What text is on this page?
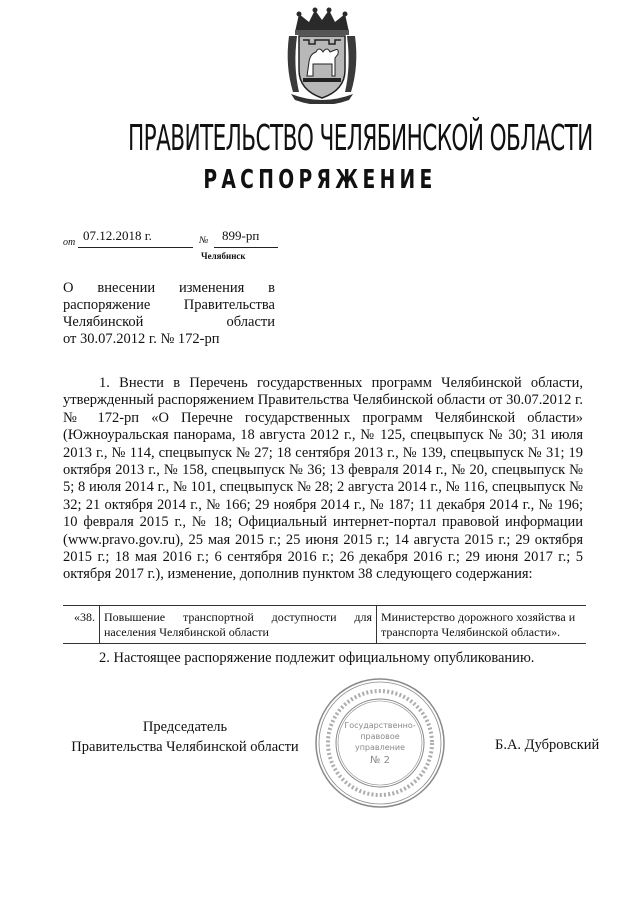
ПРАВИТЕЛЬСТВО ЧЕЛЯБИНСКОЙ ОБЛАСТИ
РАСПОРЯЖЕНИЕ
от 07.12.2018 г.	№ 899-рп
Челябинск

О внесении изменения в

распоряжение Правительства

Челябинской области

от 30.07.2012 г. № 172-рп

1. Внести в Перечень государственных программ Челябинской области, утвержденный распоряжением Правительства Челябинской области от 30.07.2012 г. № 172-рп «О Перечне государственных программ Челябинской области» (Южноуральская панорама, 18 августа 2012 г., № 125, спецвыпуск № 30; 31 июля 2013 г., № 114, спецвыпуск № 27; 18 сентября 2013 г., № 139, спецвыпуск № 31; 19 октября 2013 г., № 158, спецвыпуск № 36; 13 февраля 2014 г., № 20, спецвыпуск № 5; 8 июля 2014 г., № 101, спецвыпуск № 28; 2 августа 2014 г., № 116, спецвыпуск № 32; 21 октября 2014 г., № 166; 29 ноября 2014 г., № 187; 11 декабря 2014 г., № 196; 10 февраля 2015 г., № 18; Официальный интернет-портал правовой информации (www.pravo.gov.ru), 25 мая 2015 г.; 25 июня 2015 г.; 14 августа 2015 г.; 29 октября 2015 г.; 18 мая 2016 г.; 6 сентября 2016 г.; 26 декабря 2016 г.; 29 июня 2017 г.; 5 октября 2017 г.), изменение, дополнив пунктом 38 следующего содержания:

«38.	Повышение транспортной доступности для населения Челябинской области	Министерство дорожного хозяйства и транспорта Челябинской области».
2. Настоящее распоряжение подлежит официальному опубликованию.
Председатель
Правительства Челябинской области	Б.А. Дубровский
Государственно-
правовое
управление
№ 2
